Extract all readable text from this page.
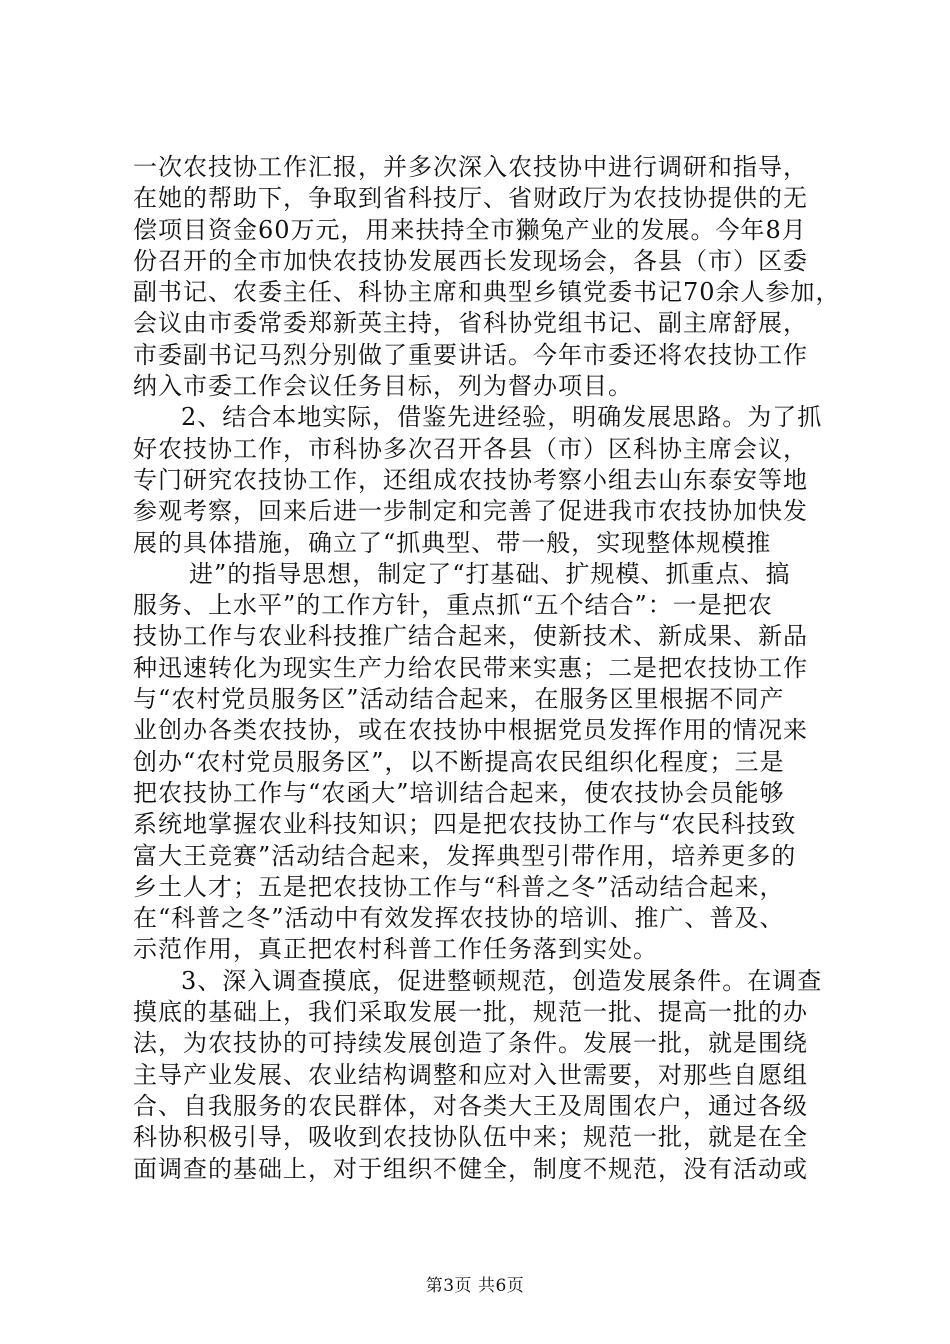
一次农技协工作汇报，并多次深入农技协中进行调研和指导，
在她的帮助下，争取到省科技厅、省财政厅为农技协提供的无
偿项目资金60万元，用来扶持全市獭兔产业的发展。今年8月
份召开的全市加快农技协发展西长发现场会，各县（市）区委
副书记、农委主任、科协主席和典型乡镇党委书记70余人参加，
会议由市委常委郑新英主持，省科协党组书记、副主席舒展，
市委副书记马烈分别做了重要讲话。今年市委还将农技协工作
纳入市委工作会议任务目标，列为督办项目。
2、结合本地实际，借鉴先进经验，明确发展思路。为了抓
好农技协工作，市科协多次召开各县（市）区科协主席会议，
专门研究农技协工作，还组成农技协考察小组去山东泰安等地
参观考察，回来后进一步制定和完善了促进我市农技协加快发
展的具体措施，确立了“抓典型、带一般，实现整体规模推
进”的指导思想，制定了“打基础、扩规模、抓重点、搞
服务、上水平”的工作方针，重点抓“五个结合”：一是把农
技协工作与农业科技推广结合起来，使新技术、新成果、新品
种迅速转化为现实生产力给农民带来实惠；二是把农技协工作
与“农村党员服务区”活动结合起来，在服务区里根据不同产
业创办各类农技协，或在农技协中根据党员发挥作用的情况来
创办“农村党员服务区”，以不断提高农民组织化程度；三是
把农技协工作与“农函大”培训结合起来，使农技协会员能够
系统地掌握农业科技知识；四是把农技协工作与“农民科技致
富大王竞赛”活动结合起来，发挥典型引带作用，培养更多的
乡土人才；五是把农技协工作与“科普之冬”活动结合起来，
在“科普之冬”活动中有效发挥农技协的培训、推广、普及、
示范作用，真正把农村科普工作任务落到实处。
3、深入调查摸底，促进整顿规范，创造发展条件。在调查
摸底的基础上，我们采取发展一批，规范一批、提高一批的办
法，为农技协的可持续发展创造了条件。发展一批，就是围绕
主导产业发展、农业结构调整和应对入世需要，对那些自愿组
合、自我服务的农民群体，对各类大王及周围农户，通过各级
科协积极引导，吸收到农技协队伍中来；规范一批，就是在全
面调查的基础上，对于组织不健全，制度不规范，没有活动或
第3页 共6页
